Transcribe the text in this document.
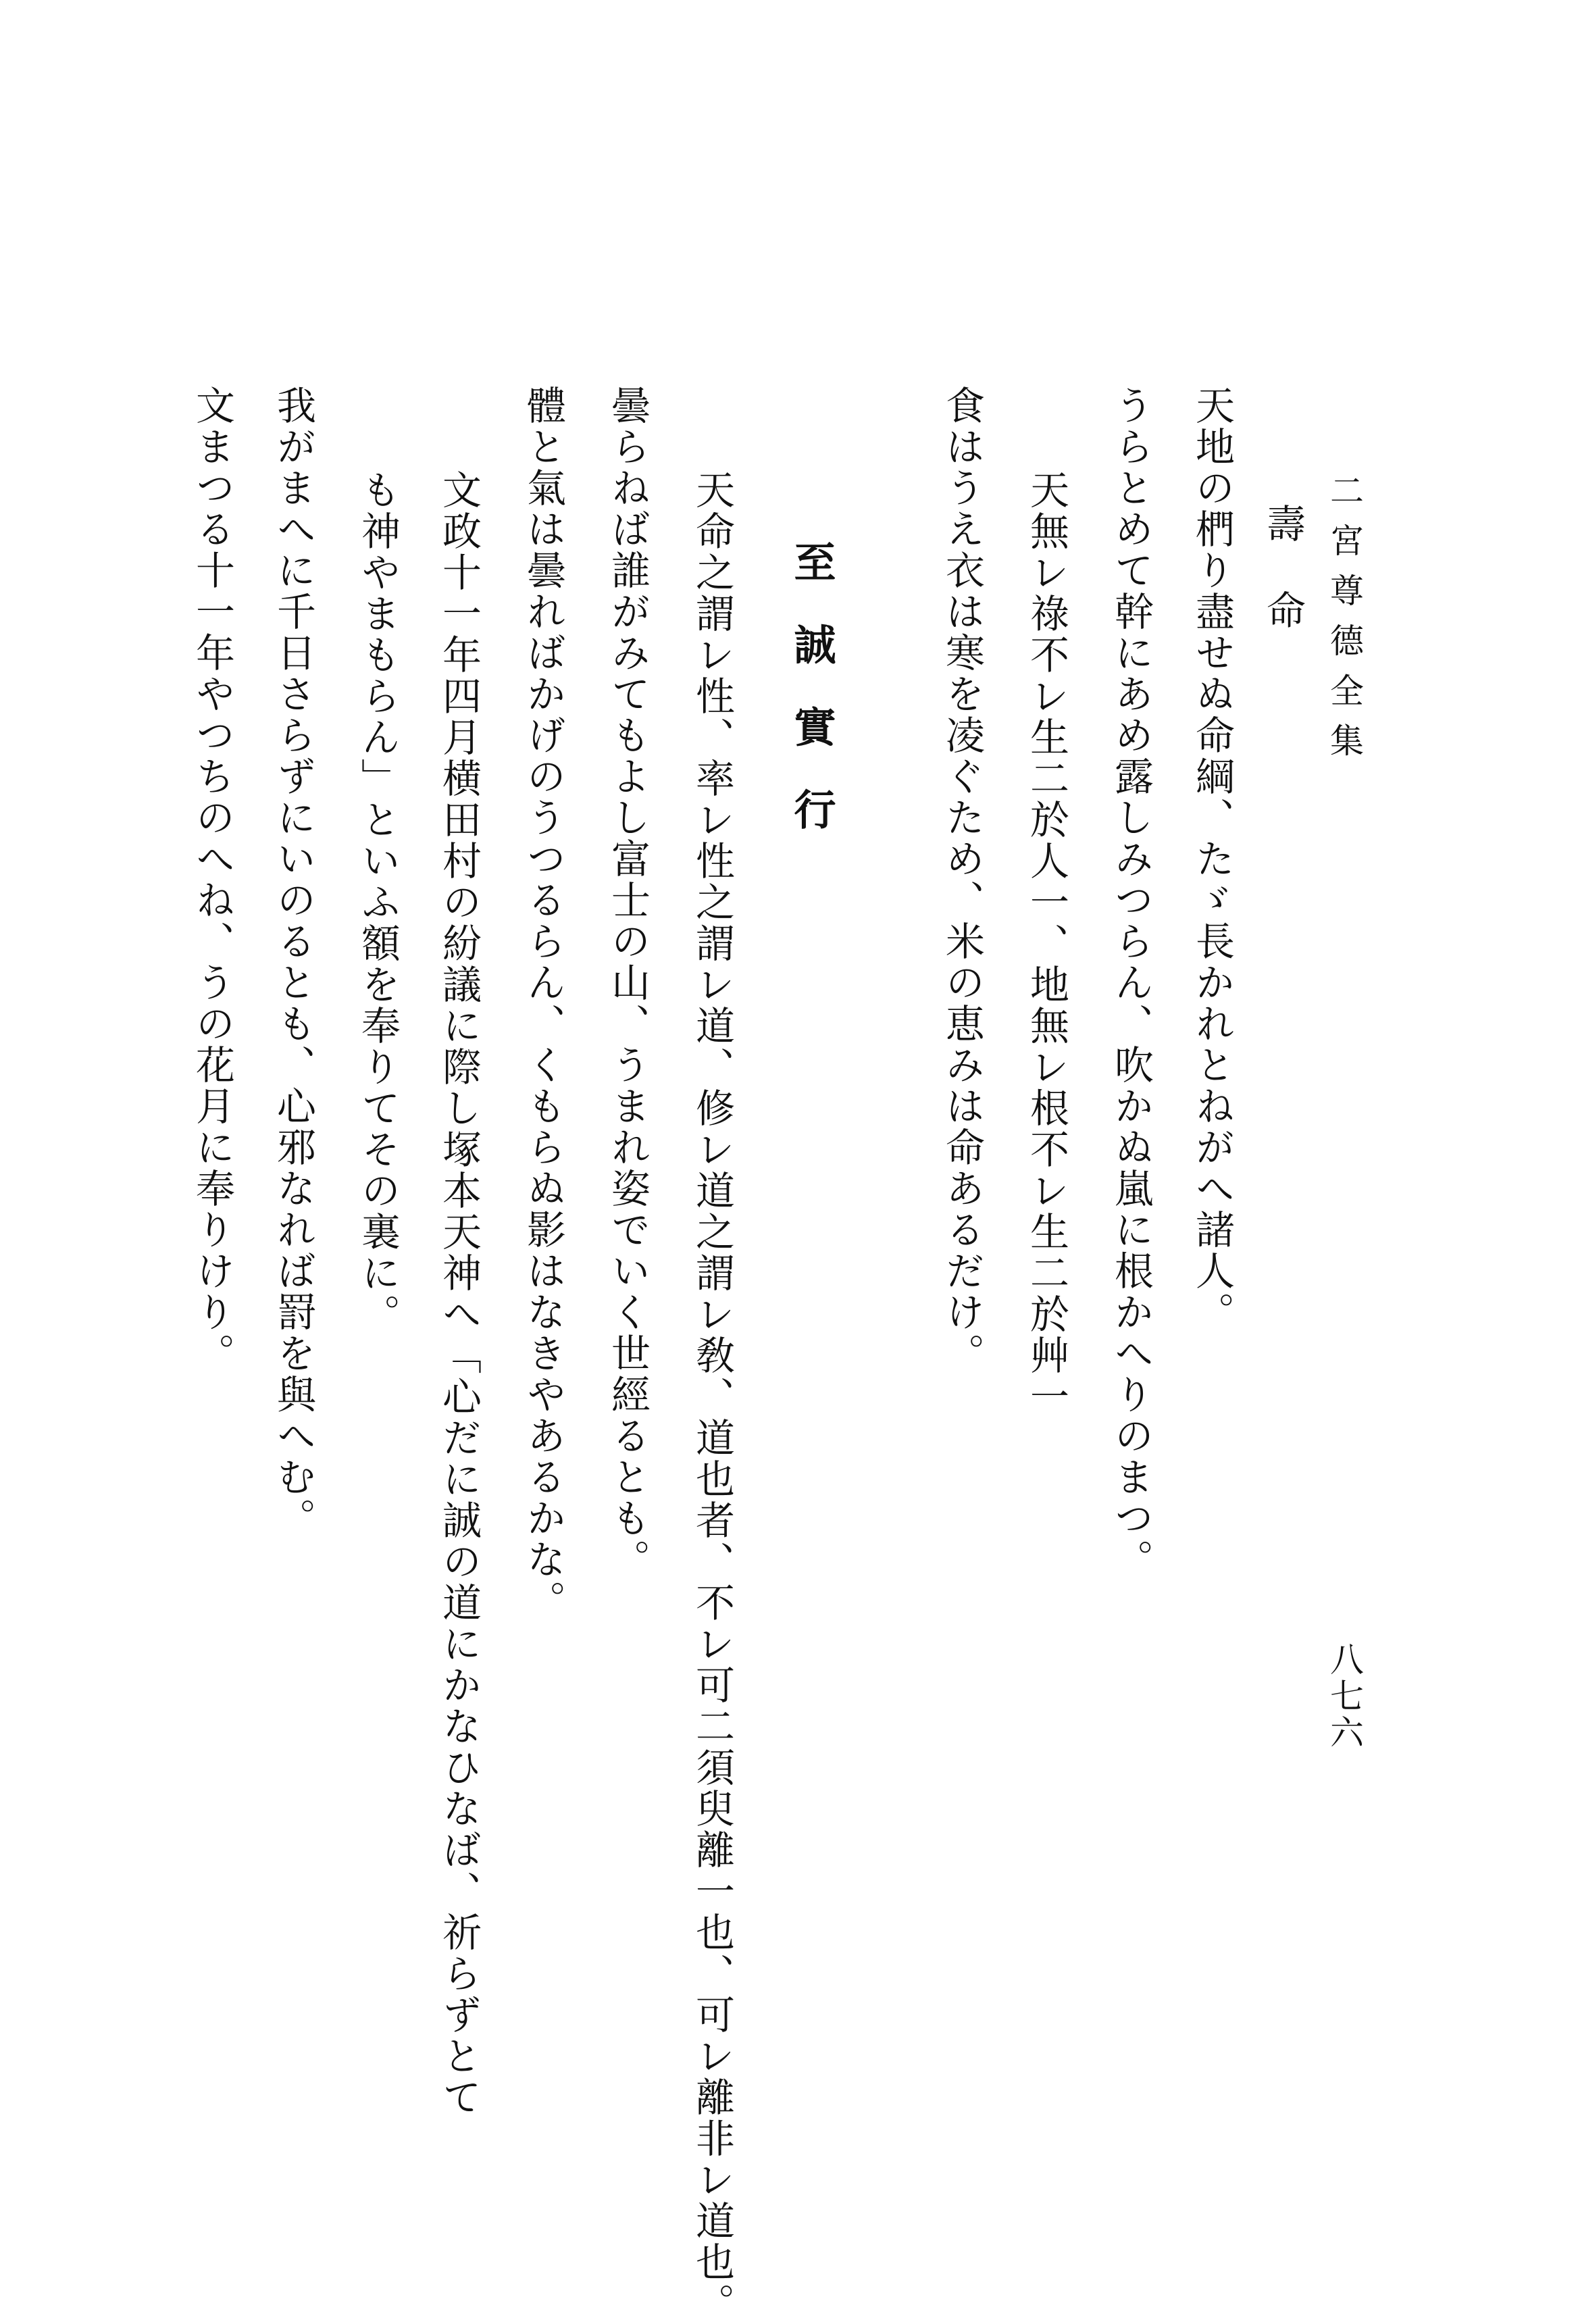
二宮尊德全集
八七六
壽命
天地の椚り盡せぬ命綱、たゞ長かれとねがへ諸人。
うらとめて幹にあめ露しみつらん、吹かぬ嵐に根かへりのまつ。
天無レ祿不レ生二於人一、地無レ根不レ生二於艸一
食はうえ衣は寒を凌ぐため、米の恵みは命あるだけ。
至誠實行
天命之謂レ性、率レ性之謂レ道、修レ道之謂レ敎、道也者、不レ可二須臾離一也、可レ離非レ道也。
曇らねば誰がみてもよし富士の山、うまれ姿でいく世經るとも。
體と氣は曇ればかげのうつるらん、くもらぬ影はなきやあるかな。
文政十一年四月横田村の紛議に際し塚本天神へ「心だに誠の道にかなひなば、祈らずとて
も神やまもらん」といふ額を奉りてその裏に。
我がまへに千日さらずにいのるとも、心邪なれば罸を與へむ。
文まつる十一年やつちのへね、うの花月に奉りけり。
